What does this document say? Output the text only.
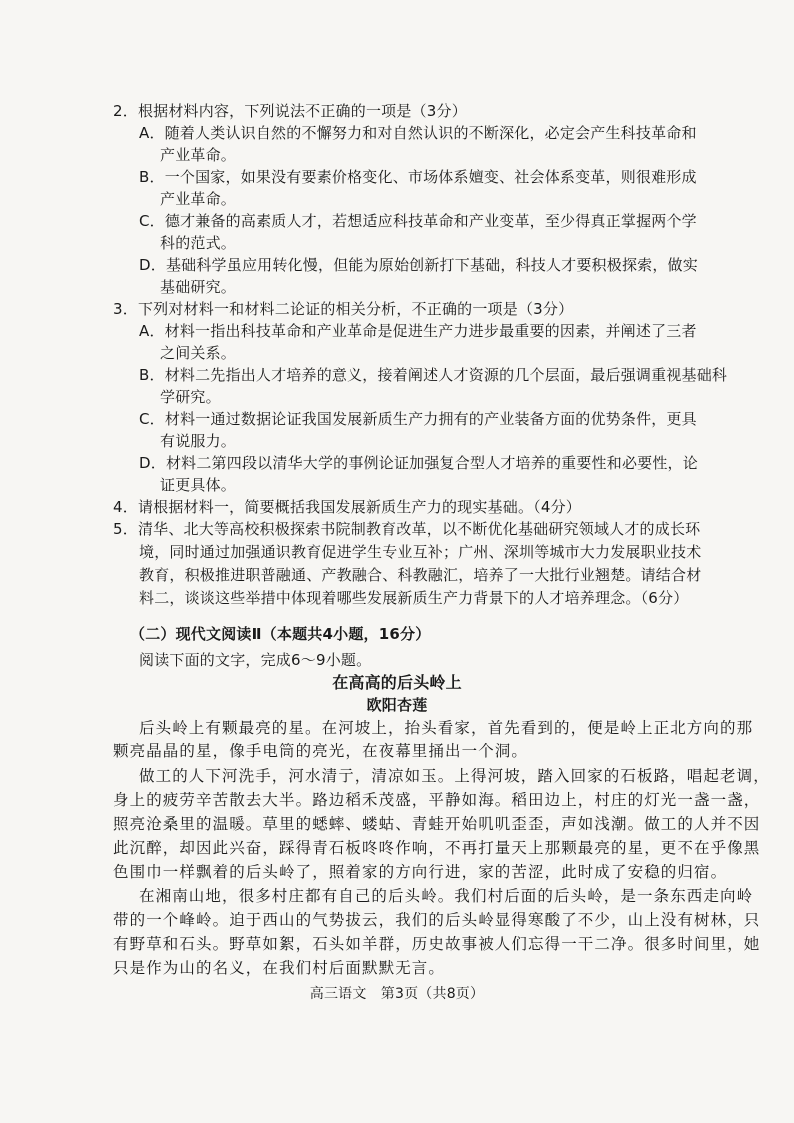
2．根据材料内容，下列说法不正确的一项是（3分）
A．随着人类认识自然的不懈努力和对自然认识的不断深化，必定会产生科技革命和
产业革命。
B．一个国家，如果没有要素价格变化、市场体系嬗变、社会体系变革，则很难形成
产业革命。
C．德才兼备的高素质人才，若想适应科技革命和产业变革，至少得真正掌握两个学
科的范式。
D．基础科学虽应用转化慢，但能为原始创新打下基础，科技人才要积极探索，做实
基础研究。
3．下列对材料一和材料二论证的相关分析，不正确的一项是（3分）
A．材料一指出科技革命和产业革命是促进生产力进步最重要的因素，并阐述了三者
之间关系。
B．材料二先指出人才培养的意义，接着阐述人才资源的几个层面，最后强调重视基础科
学研究。
C．材料一通过数据论证我国发展新质生产力拥有的产业装备方面的优势条件，更具
有说服力。
D．材料二第四段以清华大学的事例论证加强复合型人才培养的重要性和必要性，论
证更具体。
4．请根据材料一，简要概括我国发展新质生产力的现实基础。（4分）
5．清华、北大等高校积极探索书院制教育改革，以不断优化基础研究领域人才的成长环
境，同时通过加强通识教育促进学生专业互补；广州、深圳等城市大力发展职业技术
教育，积极推进职普融通、产教融合、科教融汇，培养了一大批行业翘楚。请结合材
料二，谈谈这些举措中体现着哪些发展新质生产力背景下的人才培养理念。（6分）
（二）现代文阅读Ⅱ（本题共4小题，16分）
阅读下面的文字，完成6～9小题。
在高高的后头岭上
欧阳杏莲
后头岭上有颗最亮的星。在河坡上，抬头看家，首先看到的，便是岭上正北方向的那
颗亮晶晶的星，像手电筒的亮光，在夜幕里捅出一个洞。
做工的人下河洗手，河水清亍，清凉如玉。上得河坡，踏入回家的石板路，唱起老调，
身上的疲劳辛苦散去大半。路边稻禾茂盛，平静如海。稻田边上，村庄的灯光一盏一盏，
照亮沧桑里的温暖。草里的蟋蟀、蝼蛄、青蛙开始叽叽歪歪，声如浅潮。做工的人并不因
此沉醉，却因此兴奋，踩得青石板咚咚作响，不再打量天上那颗最亮的星，更不在乎像黑
色围巾一样飘着的后头岭了，照着家的方向行进，家的苦涩，此时成了安稳的归宿。
在湘南山地，很多村庄都有自己的后头岭。我们村后面的后头岭，是一条东西走向岭
带的一个峰岭。迫于西山的气势拔云，我们的后头岭显得寒酸了不少，山上没有树林，只
有野草和石头。野草如絮，石头如羊群，历史故事被人们忘得一干二净。很多时间里，她
只是作为山的名义，在我们村后面默默无言。
高三语文　第3页（共8页）
